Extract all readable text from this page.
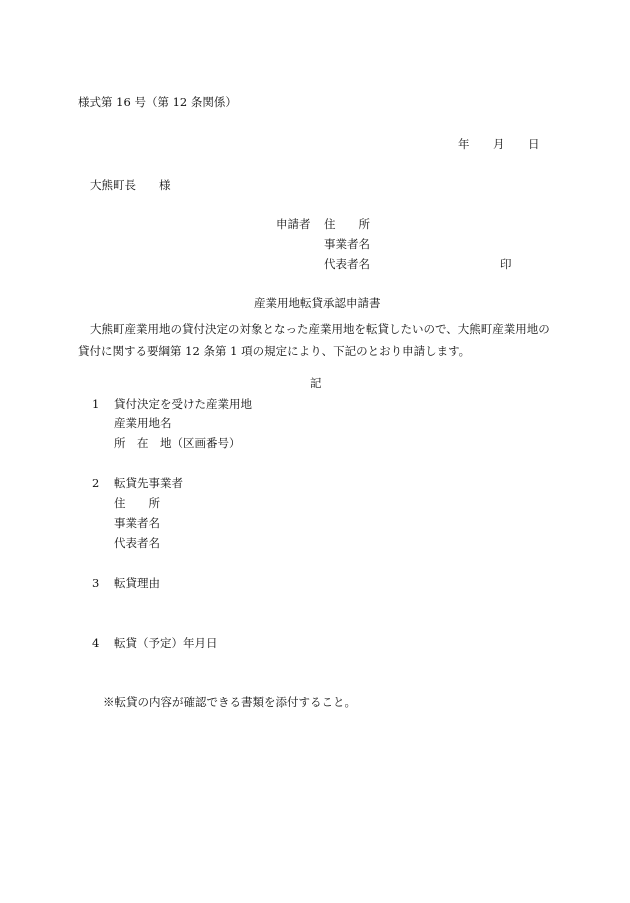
様式第 16 号（第 12 条関係）
年 月 日
大熊町長　　様
申請者 住　　所
事業者名
代表者名	印
産業用地転貸承認申請書
大熊町産業用地の貸付決定の対象となった産業用地を転貸したいので、大熊町産業用地の貸付に関する要綱第 12 条第 1 項の規定により、下記のとおり申請します。
記
1 貸付決定を受けた産業用地
産業用地名
所　在　地（区画番号）
2 転貸先事業者
住　　所
事業者名
代表者名
3 転貸理由
4 転貸（予定）年月日
※転貸の内容が確認できる書類を添付すること。
